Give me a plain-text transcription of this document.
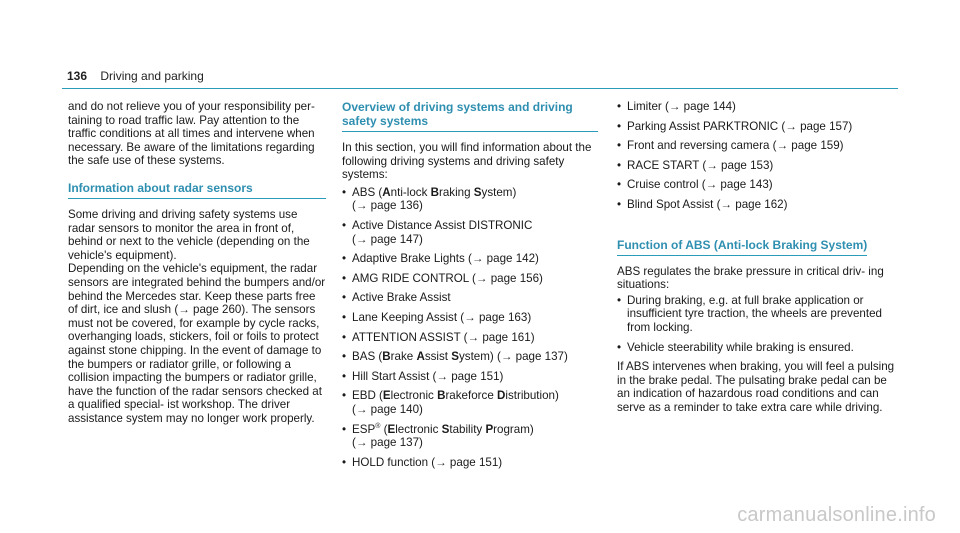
136 Driving and parking

and do not relieve you of your responsibility per- taining to road traffic law. Pay attention to the traffic conditions at all times and intervene when necessary. Be aware of the limitations regarding the safe use of these systems.

Information about radar sensors

Some driving and driving safety systems use radar sensors to monitor the area in front of, behind or next to the vehicle (depending on the vehicle's equipment).

Depending on the vehicle's equipment, the radar sensors are integrated behind the bumpers and/or behind the Mercedes star. Keep these parts free of dirt, ice and slush (→ page 260). The sensors must not be covered, for example by cycle racks, overhanging loads, stickers, foil or foils to protect against stone chipping. In the event of damage to the bumpers or radiator grille, or following a collision impacting the bumpers or radiator grille, have the function of the radar sensors checked at a qualified special- ist workshop. The driver assistance system may no longer work properly.

Overview of driving systems and driving safety systems

In this section, you will find information about the following driving systems and driving safety systems:

• ABS (Anti-lock Braking System)
(→ page 136)
• Active Distance Assist DISTRONIC
(→ page 147)
• Adaptive Brake Lights (→ page 142)
• AMG RIDE CONTROL (→ page 156)
• Active Brake Assist
• Lane Keeping Assist (→ page 163)
• ATTENTION ASSIST (→ page 161)
• BAS (Brake Assist System) (→ page 137)
• Hill Start Assist (→ page 151)
• EBD (Electronic Brakeforce Distribution)
(→ page 140)
• ESP® (Electronic Stability Program)
(→ page 137)
• HOLD function (→ page 151)
• Limiter (→ page 144)
• Parking Assist PARKTRONIC (→ page 157)
• Front and reversing camera (→ page 159)
• RACE START (→ page 153)
• Cruise control (→ page 143)
• Blind Spot Assist (→ page 162)
Function of ABS (Anti-lock Braking System)

ABS regulates the brake pressure in critical driv- ing situations:

• During braking, e.g. at full brake application or insufficient tyre traction, the wheels are prevented from locking.
• Vehicle steerability while braking is ensured.

If ABS intervenes when braking, you will feel a pulsing in the brake pedal. The pulsating brake pedal can be an indication of hazardous road conditions and can serve as a reminder to take extra care while driving.

carmanualsonline.info
